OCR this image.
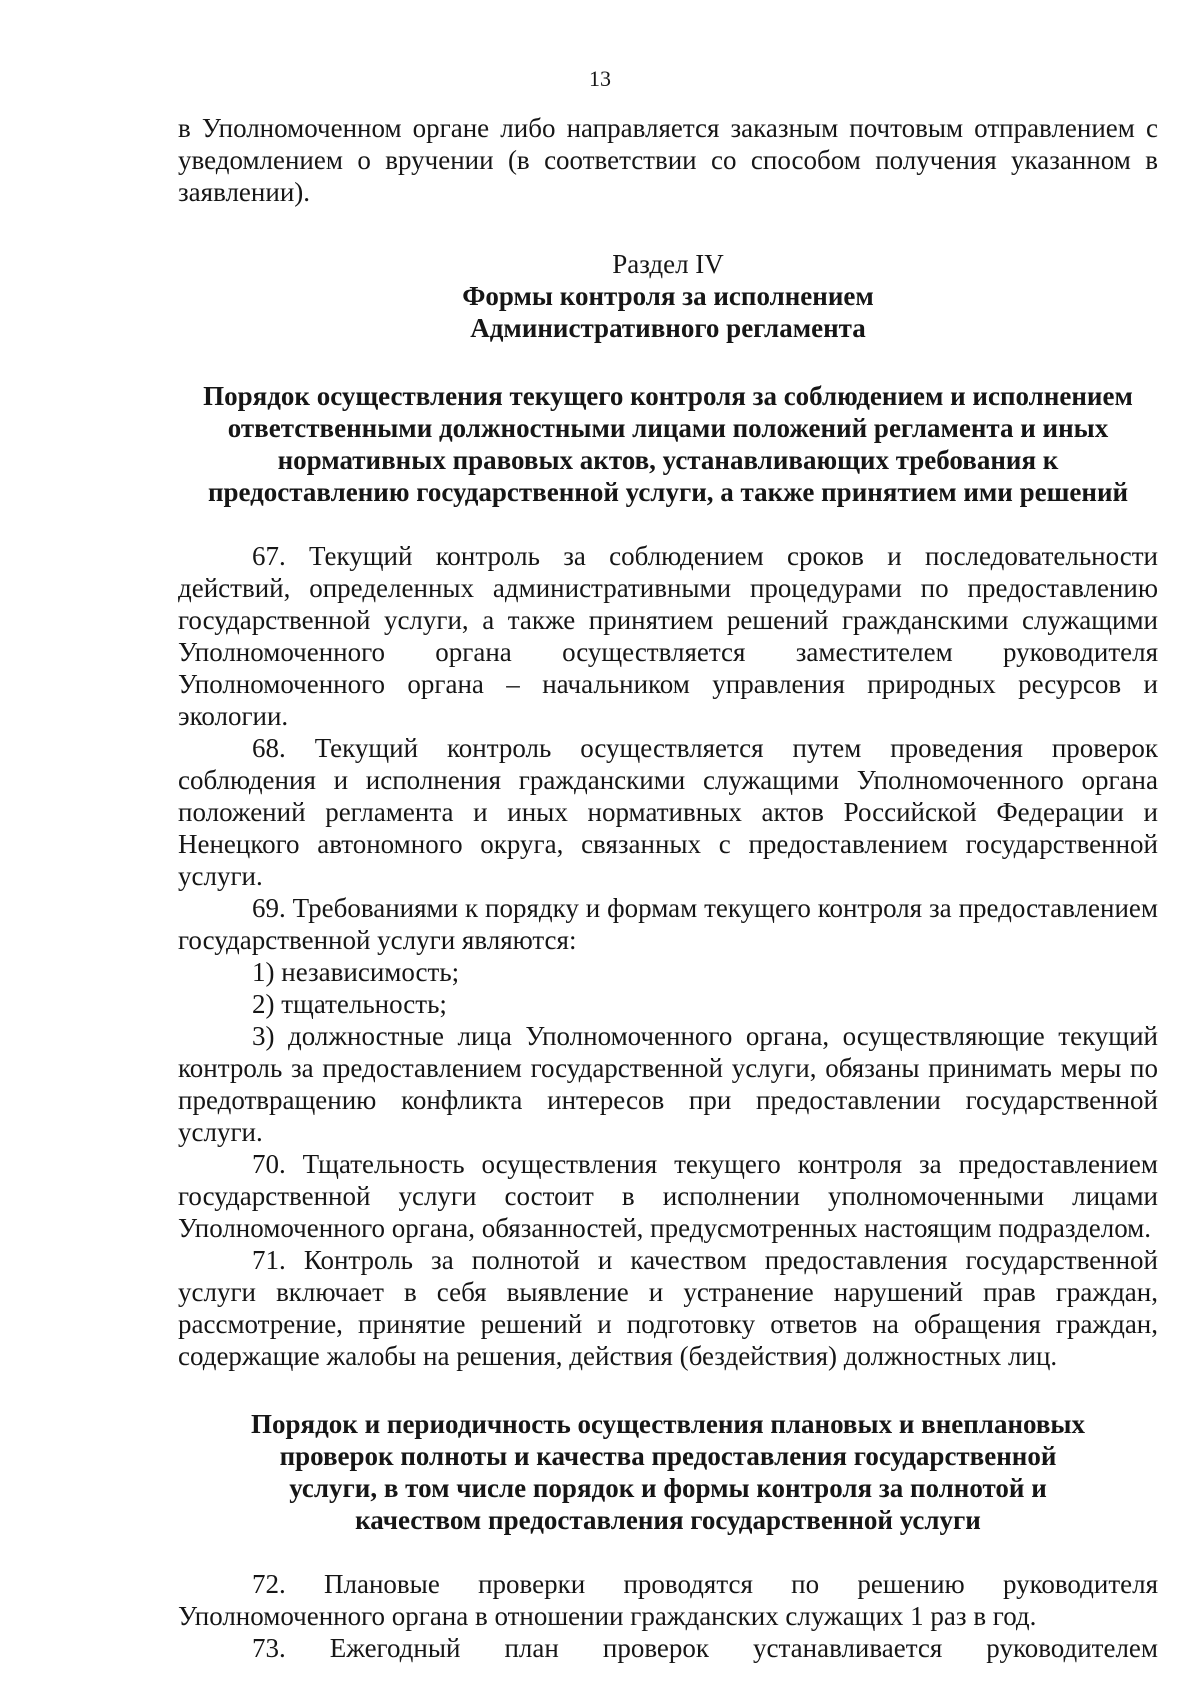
13

в Уполномоченном органе либо направляется заказным почтовым отправлением с уведомлением о вручении (в соответствии со способом получения указанном в заявлении).

Раздел IV

Формы контроля за исполнением Административного регламента

Порядок осуществления текущего контроля за соблюдением и исполнением ответственными должностными лицами положений регламента и иных нормативных правовых актов, устанавливающих требования к предоставлению государственной услуги, а также принятием ими решений

67. Текущий контроль за соблюдением сроков и последовательности действий, определенных административными процедурами по предоставлению государственной услуги, а также принятием решений гражданскими служащими Уполномоченного органа осуществляется заместителем руководителя Уполномоченного органа – начальником управления природных ресурсов и экологии.

68. Текущий контроль осуществляется путем проведения проверок соблюдения и исполнения гражданскими служащими Уполномоченного органа положений регламента и иных нормативных актов Российской Федерации и Ненецкого автономного округа, связанных с предоставлением государственной услуги.

69. Требованиями к порядку и формам текущего контроля за предоставлением государственной услуги являются:

1) независимость;

2) тщательность;

3) должностные лица Уполномоченного органа, осуществляющие текущий контроль за предоставлением государственной услуги, обязаны принимать меры по предотвращению конфликта интересов при предоставлении государственной услуги.

70. Тщательность осуществления текущего контроля за предоставлением государственной услуги состоит в исполнении уполномоченными лицами Уполномоченного органа, обязанностей, предусмотренных настоящим подразделом.

71. Контроль за полнотой и качеством предоставления государственной услуги включает в себя выявление и устранение нарушений прав граждан, рассмотрение, принятие решений и подготовку ответов на обращения граждан, содержащие жалобы на решения, действия (бездействия) должностных лиц.

Порядок и периодичность осуществления плановых и внеплановых проверок полноты и качества предоставления государственной услуги, в том числе порядок и формы контроля за полнотой и качеством предоставления государственной услуги

72. Плановые проверки проводятся по решению руководителя Уполномоченного органа в отношении гражданских служащих 1 раз в год.

73. Ежегодный план проверок устанавливается руководителем
